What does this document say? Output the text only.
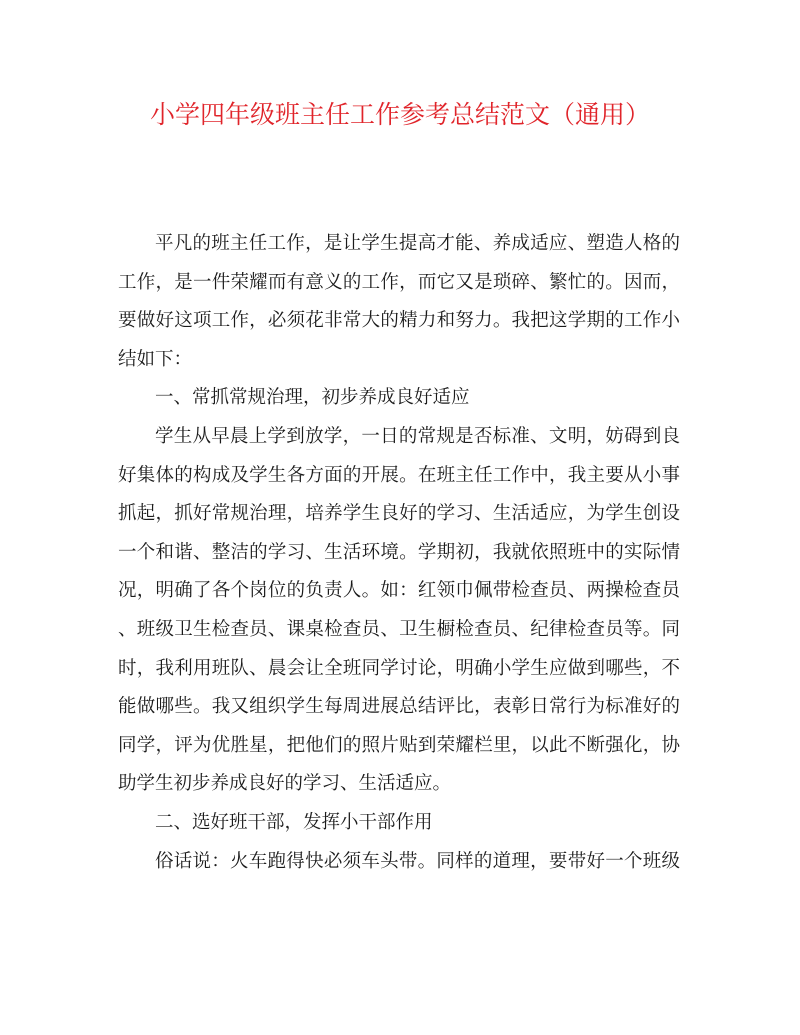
小学四年级班主任工作参考总结范文（通用）
平凡的班主任工作，是让学生提高才能、养成适应、塑造人格的
工作，是一件荣耀而有意义的工作，而它又是琐碎、繁忙的。因而，
要做好这项工作，必须花非常大的精力和努力。我把这学期的工作小
结如下：
一、常抓常规治理，初步养成良好适应
学生从早晨上学到放学，一日的常规是否标准、文明，妨碍到良
好集体的构成及学生各方面的开展。在班主任工作中，我主要从小事
抓起，抓好常规治理，培养学生良好的学习、生活适应，为学生创设
一个和谐、整洁的学习、生活环境。学期初，我就依照班中的实际情
况，明确了各个岗位的负责人。如：红领巾佩带检查员、两操检查员
、班级卫生检查员、课桌检查员、卫生橱检查员、纪律检查员等。同
时，我利用班队、晨会让全班同学讨论，明确小学生应做到哪些，不
能做哪些。我又组织学生每周进展总结评比，表彰日常行为标准好的
同学，评为优胜星，把他们的照片贴到荣耀栏里，以此不断强化，协
助学生初步养成良好的学习、生活适应。
二、选好班干部，发挥小干部作用
俗话说：火车跑得快必须车头带。同样的道理，要带好一个班级
